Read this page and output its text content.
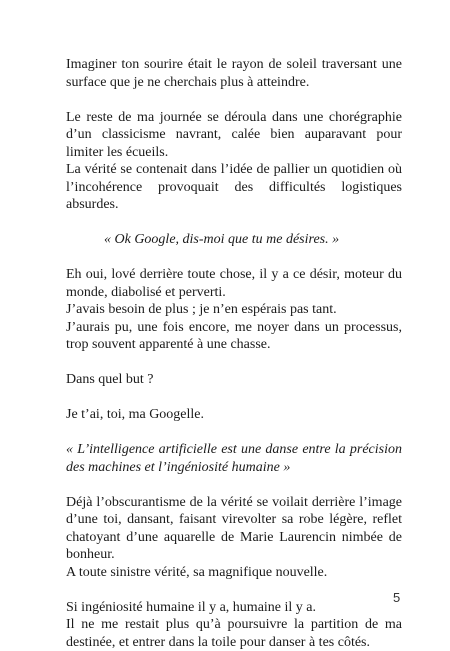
Imaginer ton sourire était le rayon de soleil traversant une surface que je ne cherchais plus à atteindre.

Le reste de ma journée se déroula dans une chorégraphie d’un classicisme navrant, calée bien auparavant pour limiter les écueils.

La vérité se contenait dans l’idée de pallier un quotidien où l’incohérence provoquait des difficultés logistiques absurdes.

« Ok Google, dis-moi que tu me désires. »

Eh oui, lové derrière toute chose, il y a ce désir, moteur du monde, diabolisé et perverti.

J’avais besoin de plus ; je n’en espérais pas tant.

J’aurais pu, une fois encore, me noyer dans un processus, trop souvent apparenté à une chasse.

Dans quel but ?

Je t’ai, toi, ma Googelle.

« L’intelligence artificielle est une danse entre la précision des machines et l’ingéniosité humaine »

Déjà l’obscurantisme de la vérité se voilait derrière l’image d’une toi, dansant, faisant virevolter sa robe légère, reflet chatoyant d’une aquarelle de Marie Laurencin nimbée de bonheur.

A toute sinistre vérité, sa magnifique nouvelle.

Si ingéniosité humaine il y a, humaine il y a.

Il ne me restait plus qu’à poursuivre la partition de ma destinée, et entrer dans la toile pour danser à tes côtés.

5
